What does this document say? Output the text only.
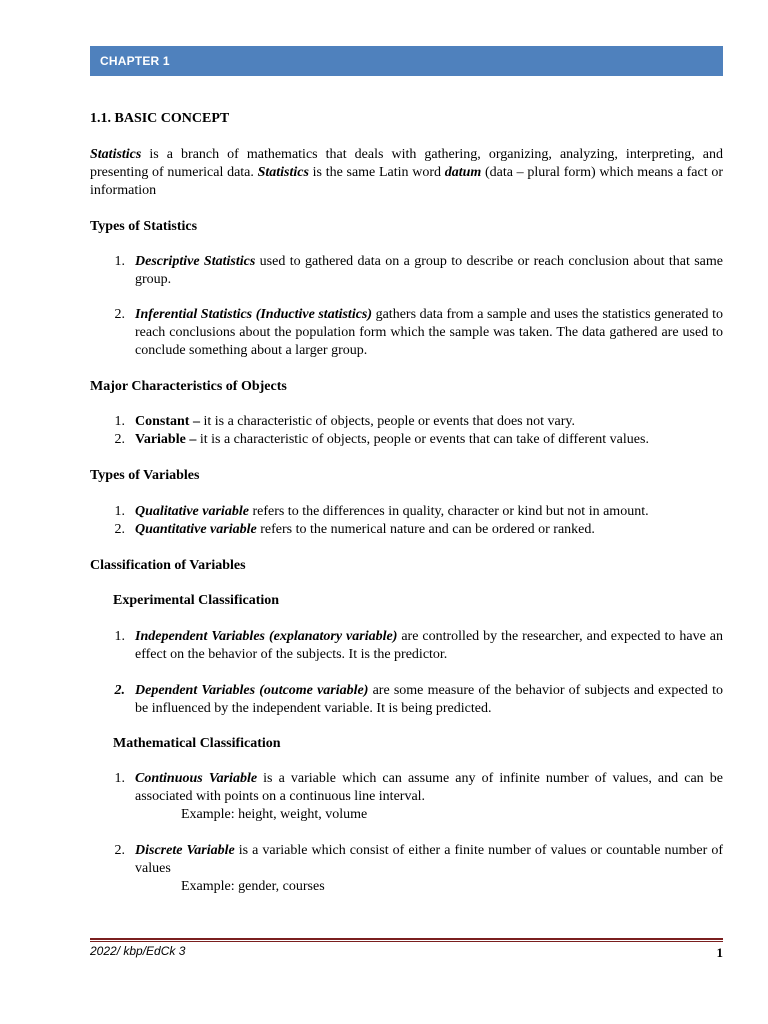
CHAPTER 1
1.1. BASIC CONCEPT
Statistics is a branch of mathematics that deals with gathering, organizing, analyzing, interpreting, and presenting of numerical data. Statistics is the same Latin word datum (data – plural form) which means a fact or information
Types of Statistics
1. Descriptive Statistics used to gathered data on a group to describe or reach conclusion about that same group.
2. Inferential Statistics (Inductive statistics) gathers data from a sample and uses the statistics generated to reach conclusions about the population form which the sample was taken. The data gathered are used to conclude something about a larger group.
Major Characteristics of Objects
1. Constant – it is a characteristic of objects, people or events that does not vary.
2. Variable – it is a characteristic of objects, people or events that can take of different values.
Types of Variables
1. Qualitative variable refers to the differences in quality, character or kind but not in amount.
2. Quantitative variable refers to the numerical nature and can be ordered or ranked.
Classification of Variables
Experimental Classification
1. Independent Variables (explanatory variable) are controlled by the researcher, and expected to have an effect on the behavior of the subjects. It is the predictor.
2. Dependent Variables (outcome variable) are some measure of the behavior of subjects and expected to be influenced by the independent variable. It is being predicted.
Mathematical Classification
1. Continuous Variable is a variable which can assume any of infinite number of values, and can be associated with points on a continuous line interval.
Example: height, weight, volume
2. Discrete Variable is a variable which consist of either a finite number of values or countable number of values
Example: gender, courses
2022/ kbp/EdCk 3	1
